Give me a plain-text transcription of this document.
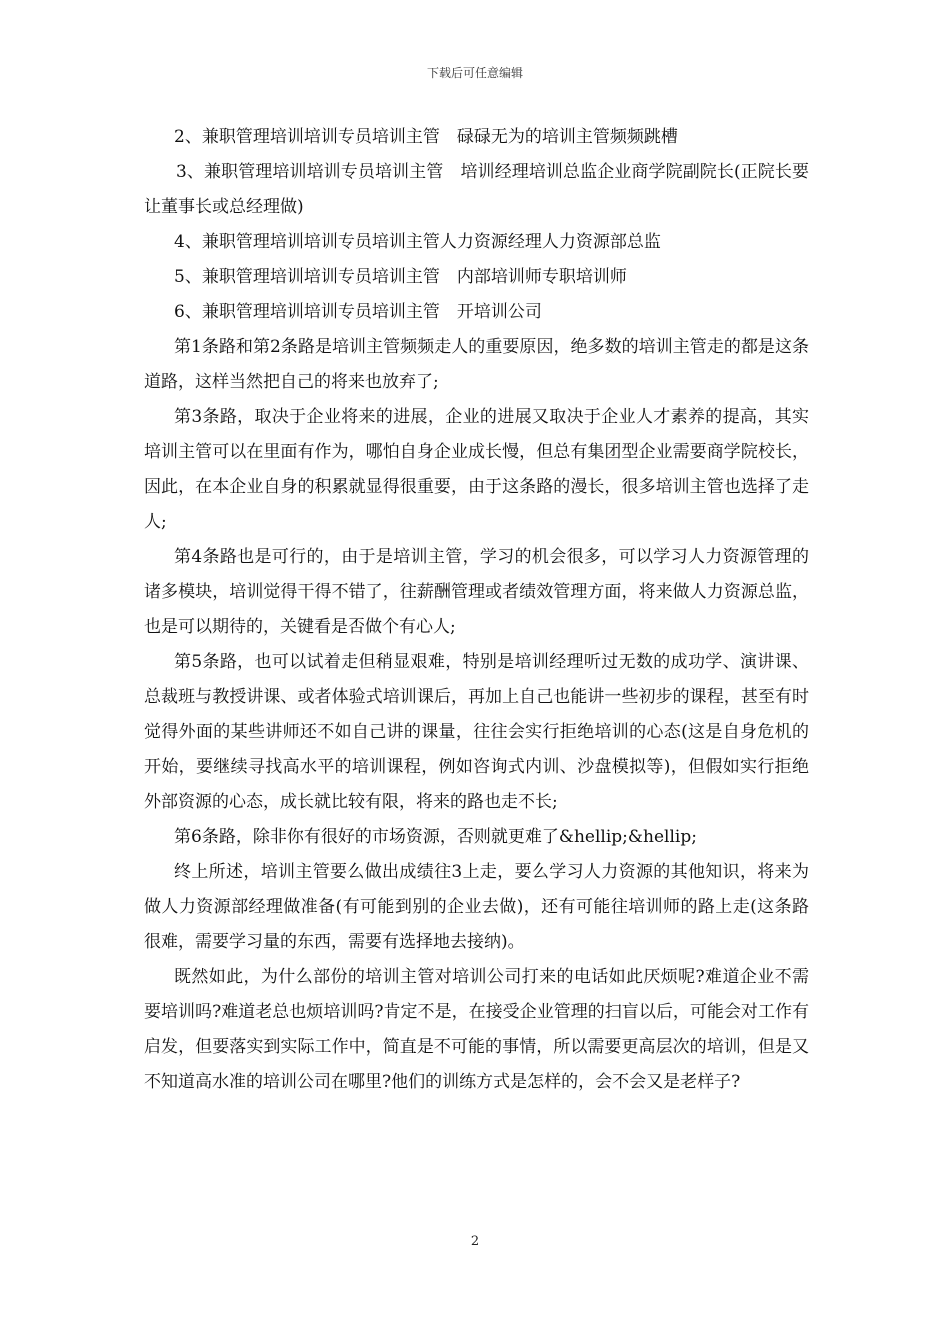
下载后可任意编辑

2、兼职管理培训培训专员培训主管　碌碌无为的培训主管频频跳槽

3、兼职管理培训培训专员培训主管　培训经理培训总监企业商学院副院长(正院长要让董事长或总经理做)

4、兼职管理培训培训专员培训主管人力资源经理人力资源部总监

5、兼职管理培训培训专员培训主管　内部培训师专职培训师

6、兼职管理培训培训专员培训主管　开培训公司

第1条路和第2条路是培训主管频频走人的重要原因，绝多数的培训主管走的都是这条道路，这样当然把自己的将来也放弃了;

第3条路，取决于企业将来的进展，企业的进展又取决于企业人才素养的提高，其实培训主管可以在里面有作为，哪怕自身企业成长慢，但总有集团型企业需要商学院校长，因此，在本企业自身的积累就显得很重要，由于这条路的漫长，很多培训主管也选择了走人;

第4条路也是可行的，由于是培训主管，学习的机会很多，可以学习人力资源管理的诸多模块，培训觉得干得不错了，往薪酬管理或者绩效管理方面，将来做人力资源总监，也是可以期待的，关键看是否做个有心人;

第5条路，也可以试着走但稍显艰难，特别是培训经理听过无数的成功学、演讲课、总裁班与教授讲课、或者体验式培训课后，再加上自己也能讲一些初步的课程，甚至有时觉得外面的某些讲师还不如自己讲的课量，往往会实行拒绝培训的心态(这是自身危机的开始，要继续寻找高水平的培训课程，例如咨询式内训、沙盘模拟等)，但假如实行拒绝外部资源的心态，成长就比较有限，将来的路也走不长;

第6条路，除非你有很好的市场资源，否则就更难了&hellip;&hellip;

终上所述，培训主管要么做出成绩往3上走，要么学习人力资源的其他知识，将来为做人力资源部经理做准备(有可能到别的企业去做)，还有可能往培训师的路上走(这条路很难，需要学习量的东西，需要有选择地去接纳)。

既然如此，为什么部份的培训主管对培训公司打来的电话如此厌烦呢?难道企业不需要培训吗?难道老总也烦培训吗?肯定不是，在接受企业管理的扫盲以后，可能会对工作有启发，但要落实到实际工作中，简直是不可能的事情，所以需要更高层次的培训，但是又不知道高水准的培训公司在哪里?他们的训练方式是怎样的，会不会又是老样子?

2
